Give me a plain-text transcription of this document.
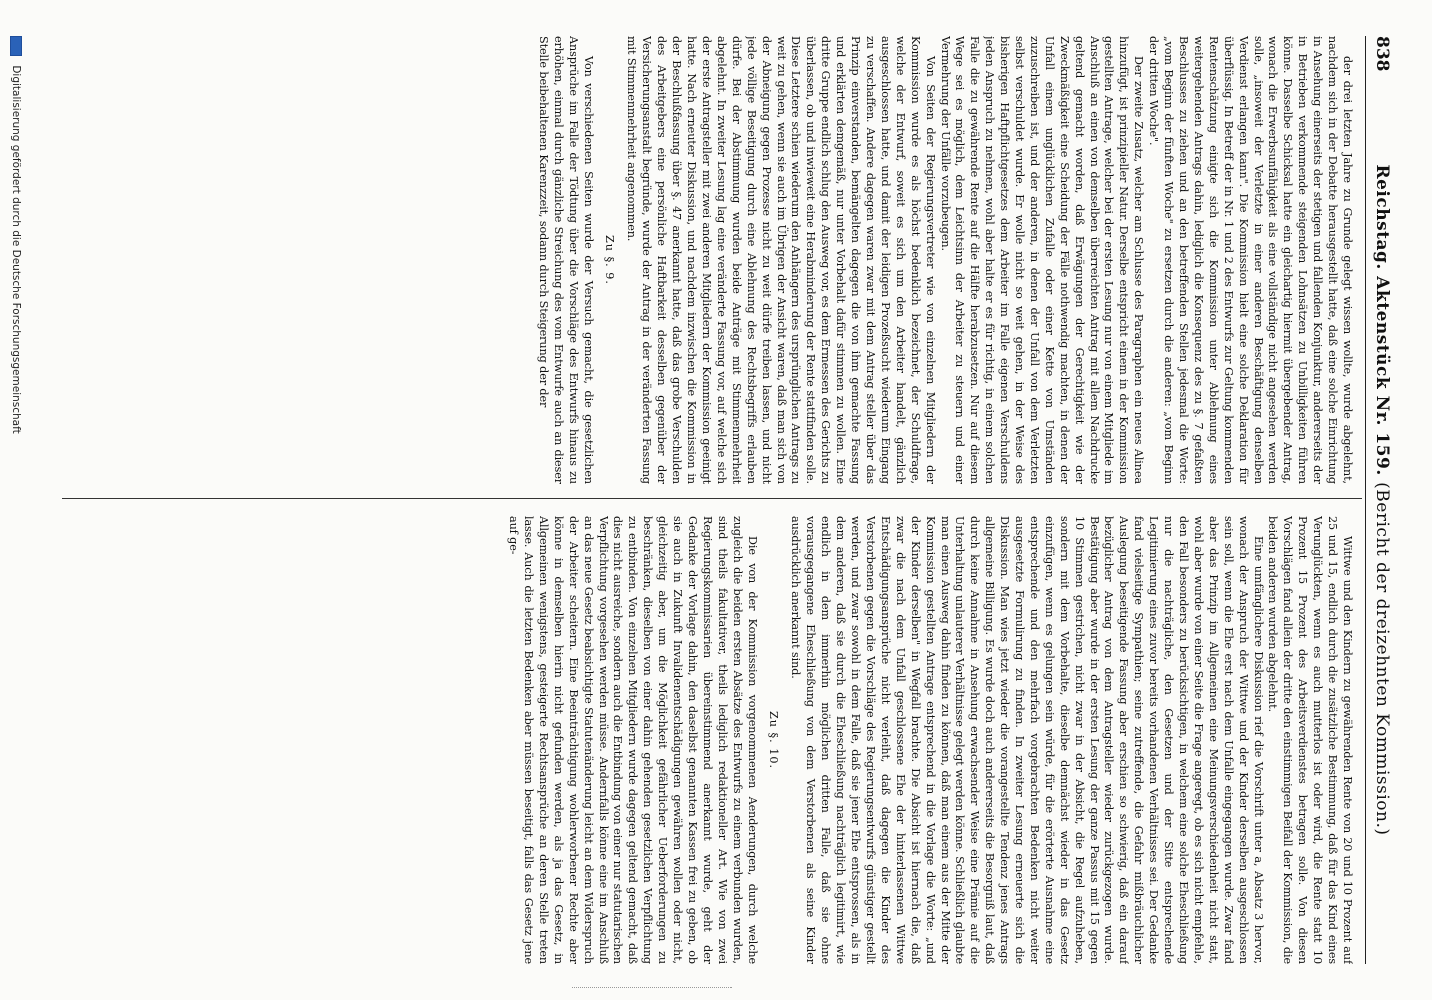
838
Reichstag. Aktenstück Nr. 159. (Bericht der dreizehnten Kommission.)

der drei letzten Jahre zu Grunde gelegt wissen wollte, wurde abgelehnt, nachdem sich in der Debatte herausgestellt hatte, daß eine solche Einrichtung in Ansehung einerseits der stetigen und fallenden Konjunktur, andererseits der in Betrieben verkommende steigenden Lohnsätzen zu Unbilligkeiten führen könne. Dasselbe Schicksal hatte ein gleichartig hiermit übergebender Antrag, wonach die Erwerbsunfähigkeit als eine vollständige nicht angesehen werden solle, „insoweit der Verletzte in einer anderen Beschäftigung denselben Verdienst erlangen kann". Die Kommission hielt eine solche Deklaration für überflüssig. In Betreff der in Nr. 1 und 2 des Entwurfs zur Geltung kommenden Rentenschätzung einigte sich die Kommission unter Ablehnung eines weitergehenden Antrags dahin, lediglich die Konsequenz des zu §. 7 gefaßten Beschlusses zu ziehen und an den betreffenden Stellen jedesmal die Worte: „vom Beginn der fünften Woche" zu ersetzen durch die anderen: „vom Beginn der dritten Woche".

Der zweite Zusatz, welcher am Schlusse des Paragraphen ein neues Alinea hinzufügt, ist prinzipieller Natur. Derselbe entspricht einem in der Kommission gestellten Antrage, welcher bei der ersten Lesung nur von einem Mitgliede im Anschluß an einen von demselben überreichten Antrag mit allem Nachdrucke geltend gemacht worden, daß Erwägungen der Gerechtigkeit wie der Zweckmäßigkeit eine Scheidung der Fälle nothwendig machten, in denen der Unfall einem unglücklichen Zufalle oder einer Kette von Umständen zuzuschreiben ist, und der anderen, in denen der Unfall von dem Verletzten selbst verschuldet wurde. Er wolle nicht so weit gehen, in der Weise des bisherigen Haftpflichtgesetzes dem Arbeiter im Falle eigenen Verschuldens jeden Anspruch zu nehmen, wohl aber halte er es für richtig, in einem solchen Falle die zu gewährende Rente auf die Hälfte herabzusetzen. Nur auf diesem Wege sei es möglich, dem Leichtsinn der Arbeiter zu steuern und einer Vermehrung der Unfälle vorzubeugen.

Von Seiten der Regierungsvertreter wie von einzelnen Mitgliedern der Kommission wurde es als höchst bedenklich bezeichnet, der Schuldfrage, welche der Entwurf, soweit es sich um den Arbeiter handelt, gänzlich ausgeschlossen hatte, und damit der leidigen Prozeßsucht wiederum Eingang zu verschaffen. Andere dagegen waren zwar mit dem Antrag steller über das Prinzip einverstanden, bemängelten dagegen die von ihm gemachte Fassung und erklärten demgemäß, nur unter Vorbehalt dafür stimmen zu wollen. Eine dritte Gruppe endlich schlug den Ausweg vor, es dem Ermessen des Gerichts zu überlassen, ob und inwieweit eine Herabminderung der Rente stattfinden solle. Diese Letztere schien wiederum den Anhängern des ursprünglichen Antrags zu weit zu gehen, wenn sie auch im Übrigen der Ansicht waren, daß man sich von der Abneigung gegen Prozesse nicht zu weit dürfe treiben lassen, und nicht jede völlige Beseitigung durch eine Ablehnung des Rechtsbegriffs erlauben dürfe. Bei der Abstimmung wurden beide Anträge mit Stimmenmehrheit abgelehnt. In zweiter Lesung lag eine veränderte Fassung vor, auf welche sich der erste Antragsteller mit zwei anderen Mitgliedern der Kommission geeinigt hatte. Nach erneuter Diskussion, und nachdem inzwischen die Kommission in der Beschlußfassung über §. 47 anerkannt hatte, daß das grobe Verschulden des Arbeitgebers eine persönliche Haftbarkeit desselben gegenüber der Versicherungsanstalt begründe, wurde der Antrag in der veränderten Fassung mit Stimmenmehrheit angenommen.

Zu §. 9.

Von verschiedenen Seiten wurde der Versuch gemacht, die gesetzlichen Ansprüche im Falle der Tödtung über die Vorschläge des Entwurfs hinaus zu erhöhen, einmal durch gänzliche Streichung des vom Entwurfe auch an dieser Stelle beibehaltenen Karenzzeit, sodann durch Steigerung der der

Wittwe und den Kindern zu gewährenden Rente von 20 und 10 Prozent auf 25 und 15, endlich durch die zusätzliche Bestimmung, daß für das Kind eines Verunglückten, wenn es auch mutterlos ist oder wird, die Rente statt 10 Prozent 15 Prozent des Arbeitsverdienstes betragen solle. Von diesen Vorschlägen fand allein der dritte den einstimmigen Beifall der Kommission, die beiden anderen wurden abgelehnt.

Eine umfänglichere Diskussion rief die Vorschrift unter a, Absatz 3 hervor, wonach der Anspruch der Wittwe und der Kinder derselben ausgeschlossen sein soll, wenn die Ehe erst nach dem Unfalle eingegangen wurde. Zwar fand aber das Prinzip im Allgemeinen eine Meinungsverschiedenheit nicht statt, wohl aber wurde von einer Seite die Frage angeregt, ob es sich nicht empfehle, den Fall besonders zu berücksichtigen, in welchem eine solche Eheschließung nur die nachträgliche, den Gesetzen und der Sitte entsprechende Legitimierung eines zuvor bereits vorhandenen Verhältnisses sei. Der Gedanke fand vielseitige Sympathien; seine zutreffende, die Gefahr mißbräuchlicher Auslegung beseitigende Fassung aber erschien so schwierig, daß ein darauf bezüglicher Antrag von dem Antragsteller wieder zurückgezogen wurde. Bestätigung aber wurde in der ersten Lesung der ganze Passus mit 15 gegen 10 Stimmen gestrichen, nicht zwar in der Absicht, die Regel aufzuheben, sondern mit dem Vorbehalte, dieselbe demnächst wieder in das Gesetz einzufügen, wenn es gelungen sein würde, für die erörterte Ausnahme eine entsprechende und den mehrfach vorgebrachten Bedenken nicht weiter ausgesetzte Formulirung zu finden. In zweiter Lesung erneuerte sich die Diskussion. Man wies jetzt wieder die vorangestellte Tendenz jenes Antrags allgemeine Billigung. Es wurde doch auch andererseits die Besorgniß laut, daß durch keine Annahme in Ansehung erwachsender Weise eine Prämie auf die Unterhaltung unlauterer Verhältnisse gelegt werden könne. Schließlich glaubte man einen Ausweg dahin finden zu können, daß man einem aus der Mitte der Kommission gestellten Antrage entsprechend in die Vorlage die Worte: „und der Kinder derselben" in Wegfall brachte. Die Absicht ist hiernach die, daß zwar die nach dem Unfall geschlossene Ehe der hinterlassenen Wittwe Entschädigungsansprüche nicht verleiht, daß dagegen die Kinder des Verstorbenen gegen die Vorschläge des Regierungsentwurfs günstiger gestellt werden, und zwar sowohl in dem Falle, daß sie jener Ehe entsprossen, als in dem anderen, daß sie durch die Eheschließung nachträglich legitimirt, wie endlich in dem immerhin möglichen dritten Falle, daß sie ohne vorausgegangene Eheschließung von dem Verstorbenen als seine Kinder ausdrücklich anerkannt sind.

Zu §. 10.

Die von der Kommission vorgenommenen Aenderungen, durch welche zugleich die beiden ersten Absätze des Entwurfs zu einem verbunden wurden, sind theils fakultativer, theils lediglich redaktioneller Art. Wie von zwei Regierungskommissarien übereinstimmend anerkannt wurde, geht der Gedanke der Vorlage dahin, den daselbst genannten Kassen frei zu geben, ob sie auch in Zukunft Invalidenentschädigungen gewähren wollen oder nicht, gleichzeitig aber, um die Möglichkeit gefährlicher Ueberforderungen zu beschränken, dieselben von einer dahin gehenden gesetzlichen Verpflichtung zu entbinden. Von einzelnen Mitgliedern wurde dagegen geltend gemacht, daß dies nicht ausreiche, sondern auch die Entbindung von einer nur statutarischen Verpflichtung vorgesehen werden müsse. Andernfalls könne eine im Anschluß an das neue Gesetz beabsichtigte Statutenänderung leicht an dem Widerspruch der Arbeiter scheitern. Eine Beeinträchtigung wohlerworbener Rechte aber könne in demselben hierin nicht gefunden werden, als ja das Gesetz, in Allgemeinen wenigstens, gesteigerte Rechtsansprüche an deren Stelle treten lasse. Auch die letzten Bedenken aber müssen beseitigt, falls das Gesetz jene auf ge-

Digitalisierung gefördert durch die Deutsche Forschungsgemeinschaft
